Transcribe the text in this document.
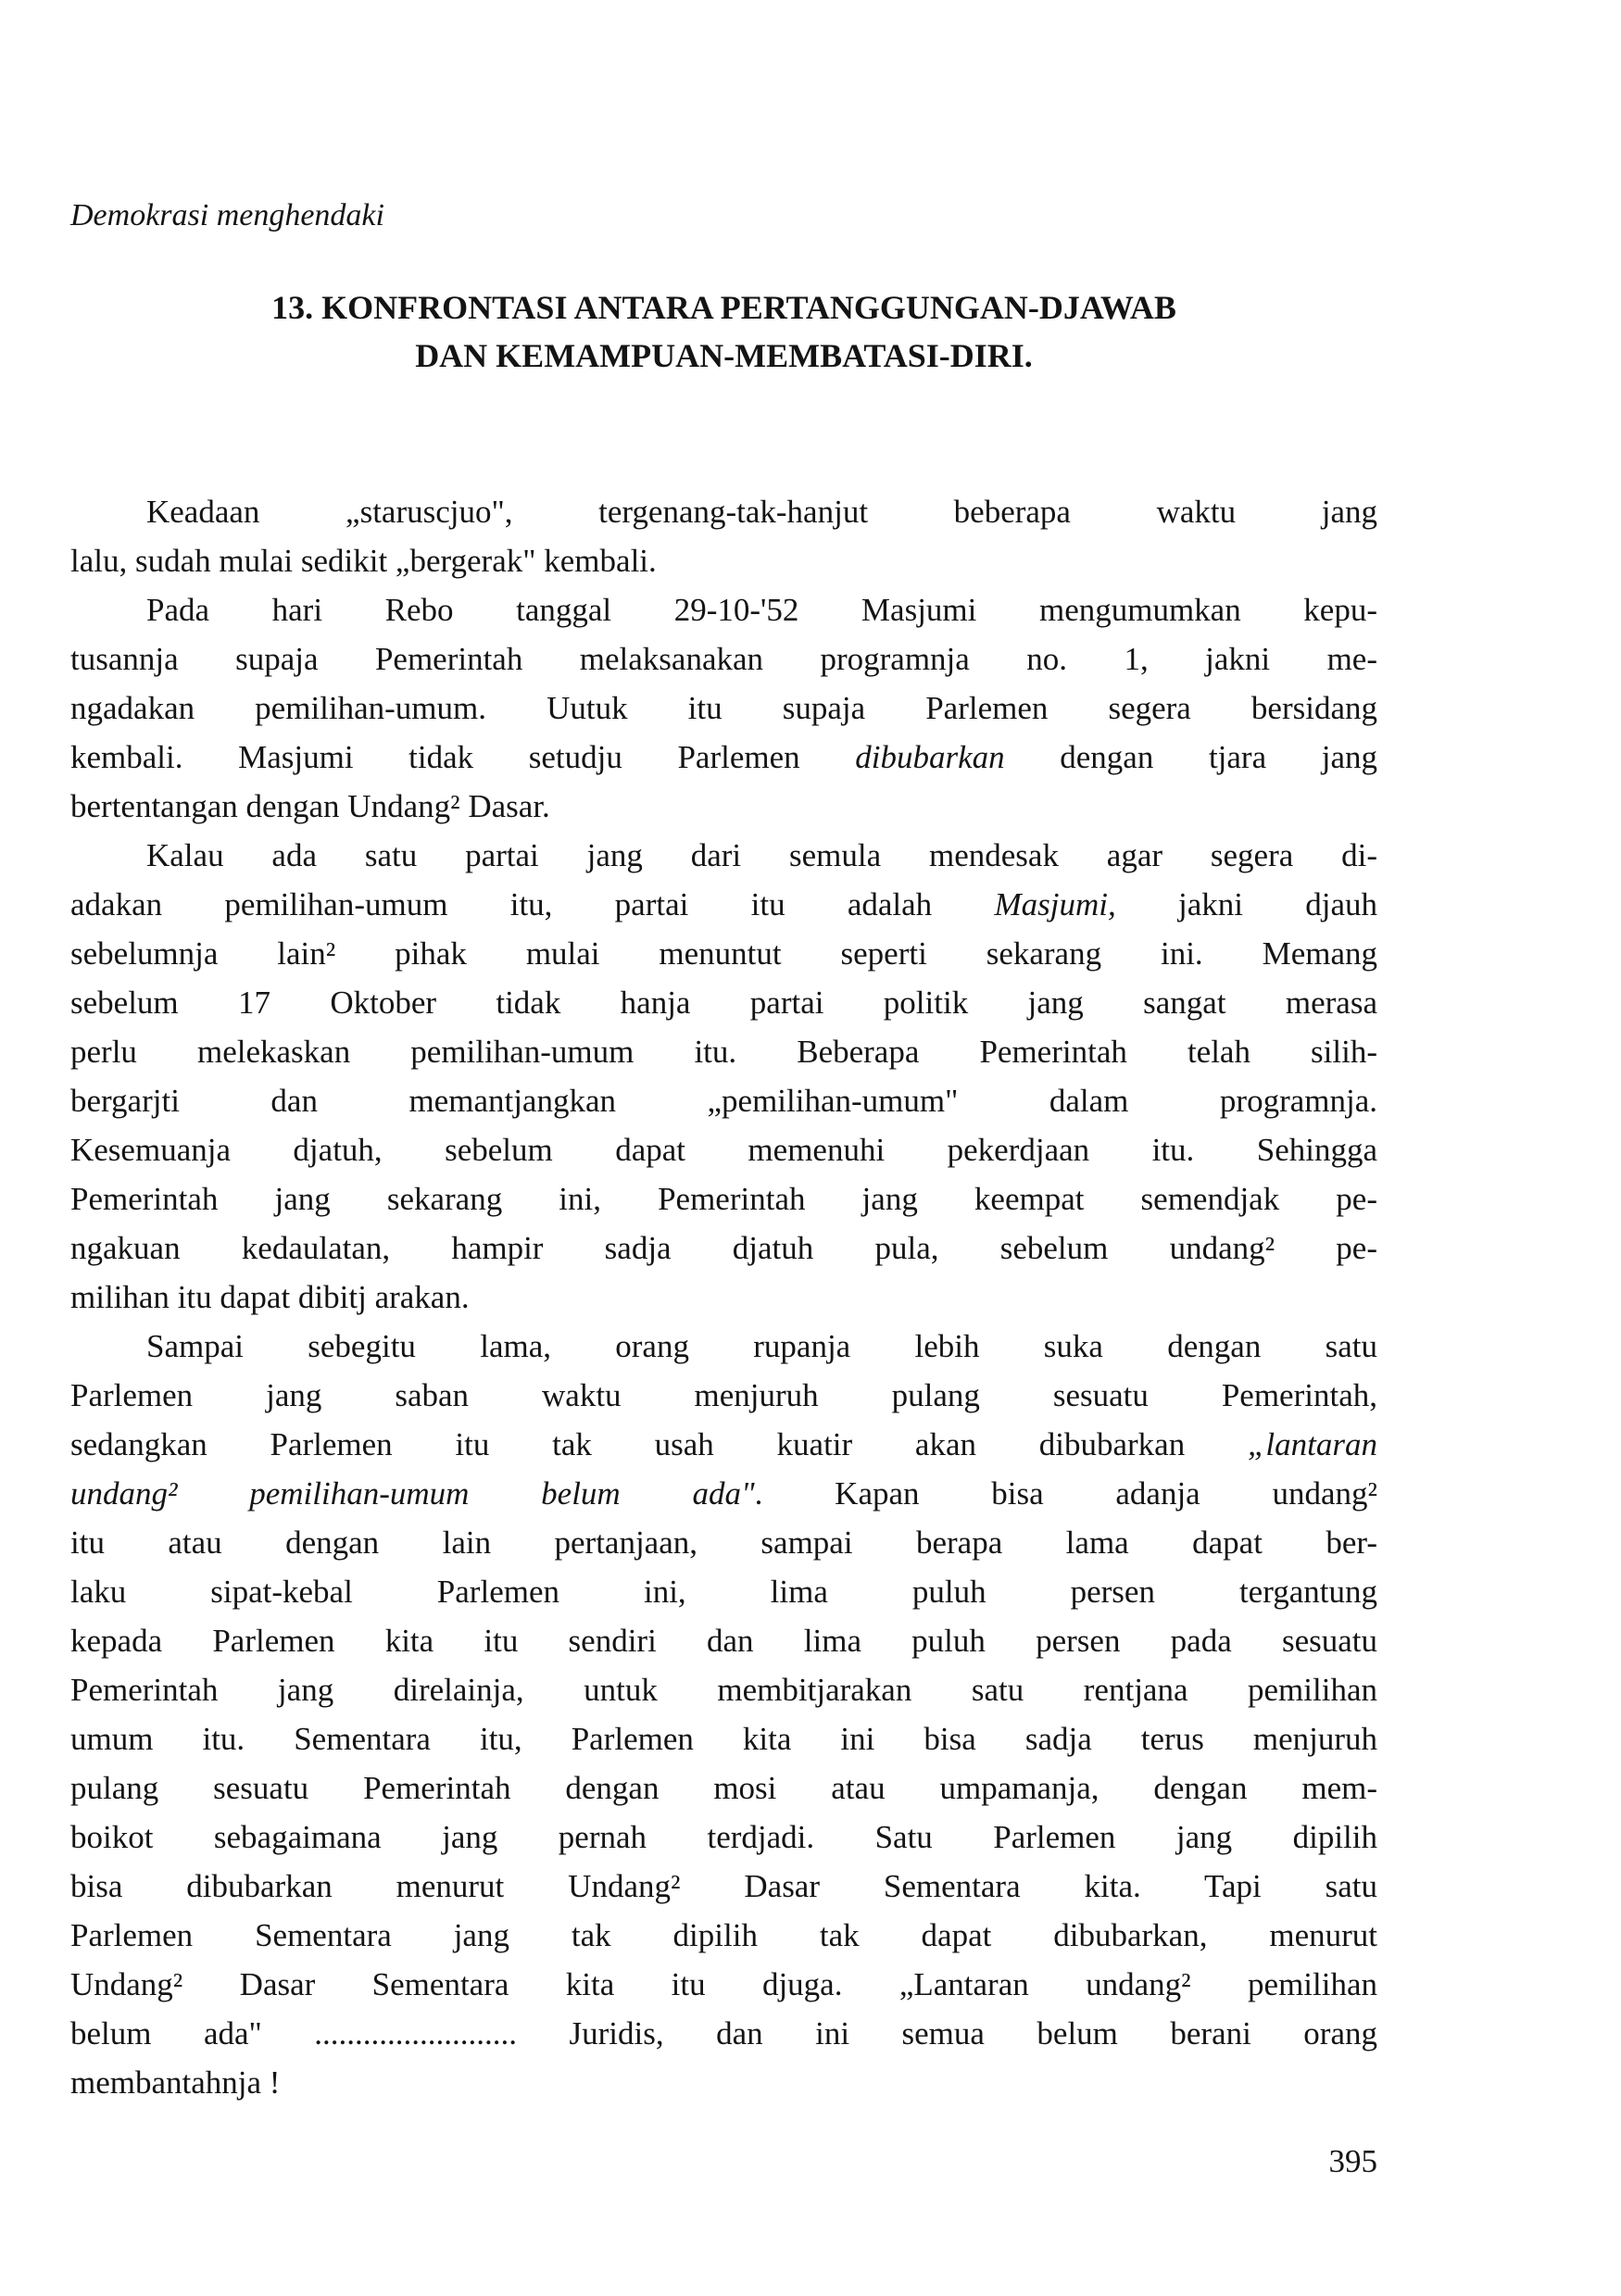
Demokrasi menghendaki
13. KONFRONTASI ANTARA PERTANGGUNGAN-DJAWAB
DAN KEMAMPUAN-MEMBATASI-DIRI.
Keadaan „staruscjuo", tergenang-tak-hanjut beberapa waktu jang
lalu, sudah mulai sedikit „bergerak" kembali.
Pada hari Rebo tanggal 29-10-'52 Masjumi mengumumkan kepu-
tusannja supaja Pemerintah melaksanakan programnja no. 1, jakni me-
ngadakan pemilihan-umum. Uutuk itu supaja Parlemen segera bersidang
kembali. Masjumi tidak setudju Parlemen dibubarkan dengan tjara jang
bertentangan dengan Undang² Dasar.
Kalau ada satu partai jang dari semula mendesak agar segera di-
adakan pemilihan-umum itu, partai itu adalah Masjumi, jakni djauh
sebelumnja lain² pihak mulai menuntut seperti sekarang ini. Memang
sebelum 17 Oktober tidak hanja partai politik jang sangat merasa
perlu melekaskan pemilihan-umum itu. Beberapa Pemerintah telah silih-
bergarjti dan memantjangkan „pemilihan-umum" dalam programnja.
Kesemuanja djatuh, sebelum dapat memenuhi pekerdjaan itu. Sehingga
Pemerintah jang sekarang ini, Pemerintah jang keempat semendjak pe-
ngakuan kedaulatan, hampir sadja djatuh pula, sebelum undang² pe-
milihan itu dapat dibitj arakan.
Sampai sebegitu lama, orang rupanja lebih suka dengan satu
Parlemen jang saban waktu menjuruh pulang sesuatu Pemerintah,
sedangkan Parlemen itu tak usah kuatir akan dibubarkan „lantaran
undang² pemilihan-umum belum ada". Kapan bisa adanja undang²
itu atau dengan lain pertanjaan, sampai berapa lama dapat ber-
laku sipat-kebal Parlemen ini, lima puluh persen tergantung
kepada Parlemen kita itu sendiri dan lima puluh persen pada sesuatu
Pemerintah jang direlainja, untuk membitjarakan satu rentjana pemilihan
umum itu. Sementara itu, Parlemen kita ini bisa sadja terus menjuruh
pulang sesuatu Pemerintah dengan mosi atau umpamanja, dengan mem-
boikot sebagaimana jang pernah terdjadi. Satu Parlemen jang dipilih
bisa dibubarkan menurut Undang² Dasar Sementara kita. Tapi satu
Parlemen Sementara jang tak dipilih tak dapat dibubarkan, menurut
Undang² Dasar Sementara kita itu djuga. „Lantaran undang² pemilihan
belum ada" ......................... Juridis, dan ini semua belum berani orang
membantahnja !
395
